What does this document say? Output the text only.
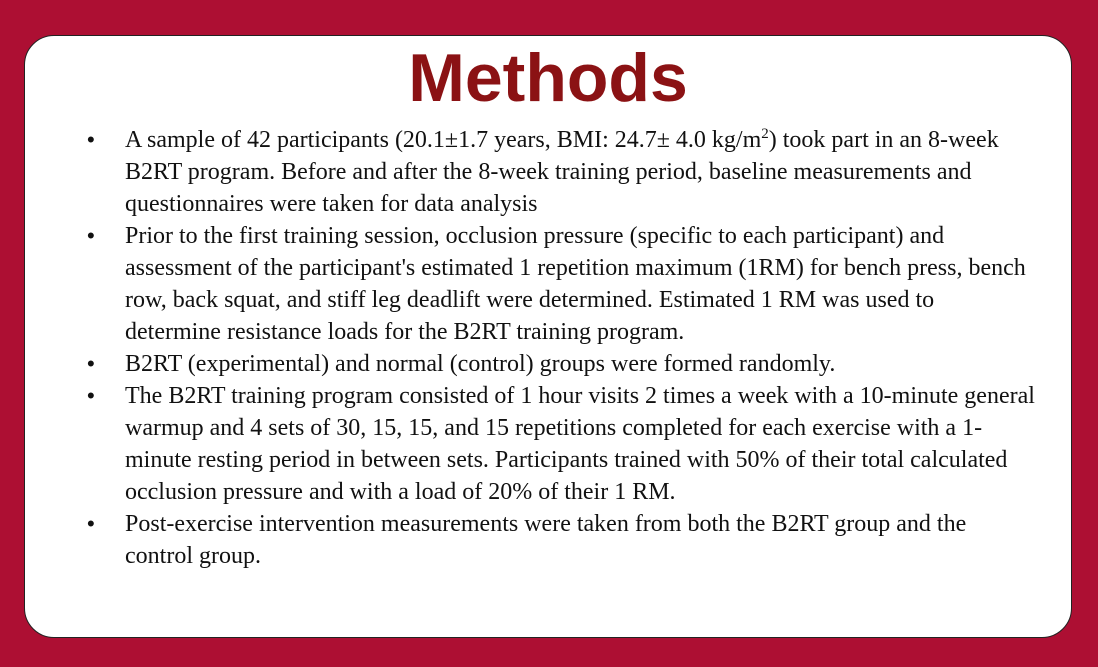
Methods
• A sample of 42 participants (20.1±1.7 years, BMI: 24.7± 4.0 $kg/m^2$) took part in an 8-week B2RT program. Before and after the 8-week training period, baseline measurements and questionnaires were taken for data analysis
• Prior to the first training session, occlusion pressure (specific to each participant) and assessment of the participant's estimated 1 repetition maximum (1RM) for bench press, bench row, back squat, and stiff leg deadlift were determined. Estimated 1 RM was used to determine resistance loads for the B2RT training program.
• B2RT (experimental) and normal (control) groups were formed randomly.
• The B2RT training program consisted of 1 hour visits 2 times a week with a 10-minute general warmup and 4 sets of 30, 15, 15, and 15 repetitions completed for each exercise with a 1-minute resting period in between sets. Participants trained with 50% of their total calculated occlusion pressure and with a load of 20% of their 1 RM.
• Post-exercise intervention measurements were taken from both the B2RT group and the control group.
